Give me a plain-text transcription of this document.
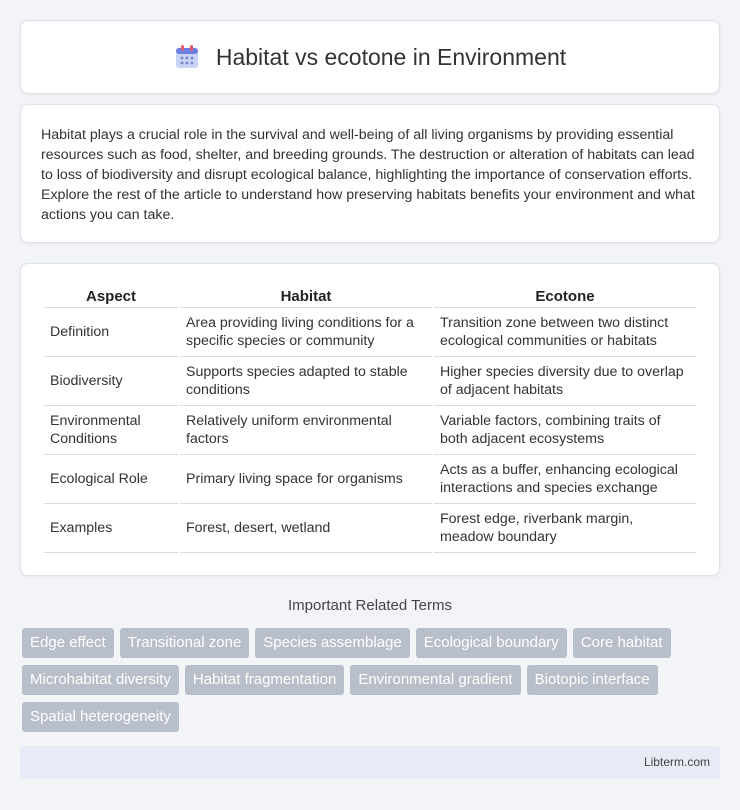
Habitat vs ecotone in Environment

Habitat plays a crucial role in the survival and well-being of all living organisms by providing essential resources such as food, shelter, and breeding grounds. The destruction or alteration of habitats can lead to loss of biodiversity and disrupt ecological balance, highlighting the importance of conservation efforts. Explore the rest of the article to understand how preserving habitats benefits your environment and what actions you can take.

Aspect	Habitat	Ecotone
Definition	Area providing living conditions for a specific species or community	Transition zone between two distinct ecological communities or habitats
Biodiversity	Supports species adapted to stable conditions	Higher species diversity due to overlap of adjacent habitats
Environmental Conditions	Relatively uniform environmental factors	Variable factors, combining traits of both adjacent ecosystems
Ecological Role	Primary living space for organisms	Acts as a buffer, enhancing ecological interactions and species exchange
Examples	Forest, desert, wetland	Forest edge, riverbank margin, meadow boundary
Important Related Terms
Edge effect	Transitional zone	Species assemblage	Ecological boundary	Core habitat
Microhabitat diversity	Habitat fragmentation	Environmental gradient	Biotopic interface
Spatial heterogeneity
Libterm.com
